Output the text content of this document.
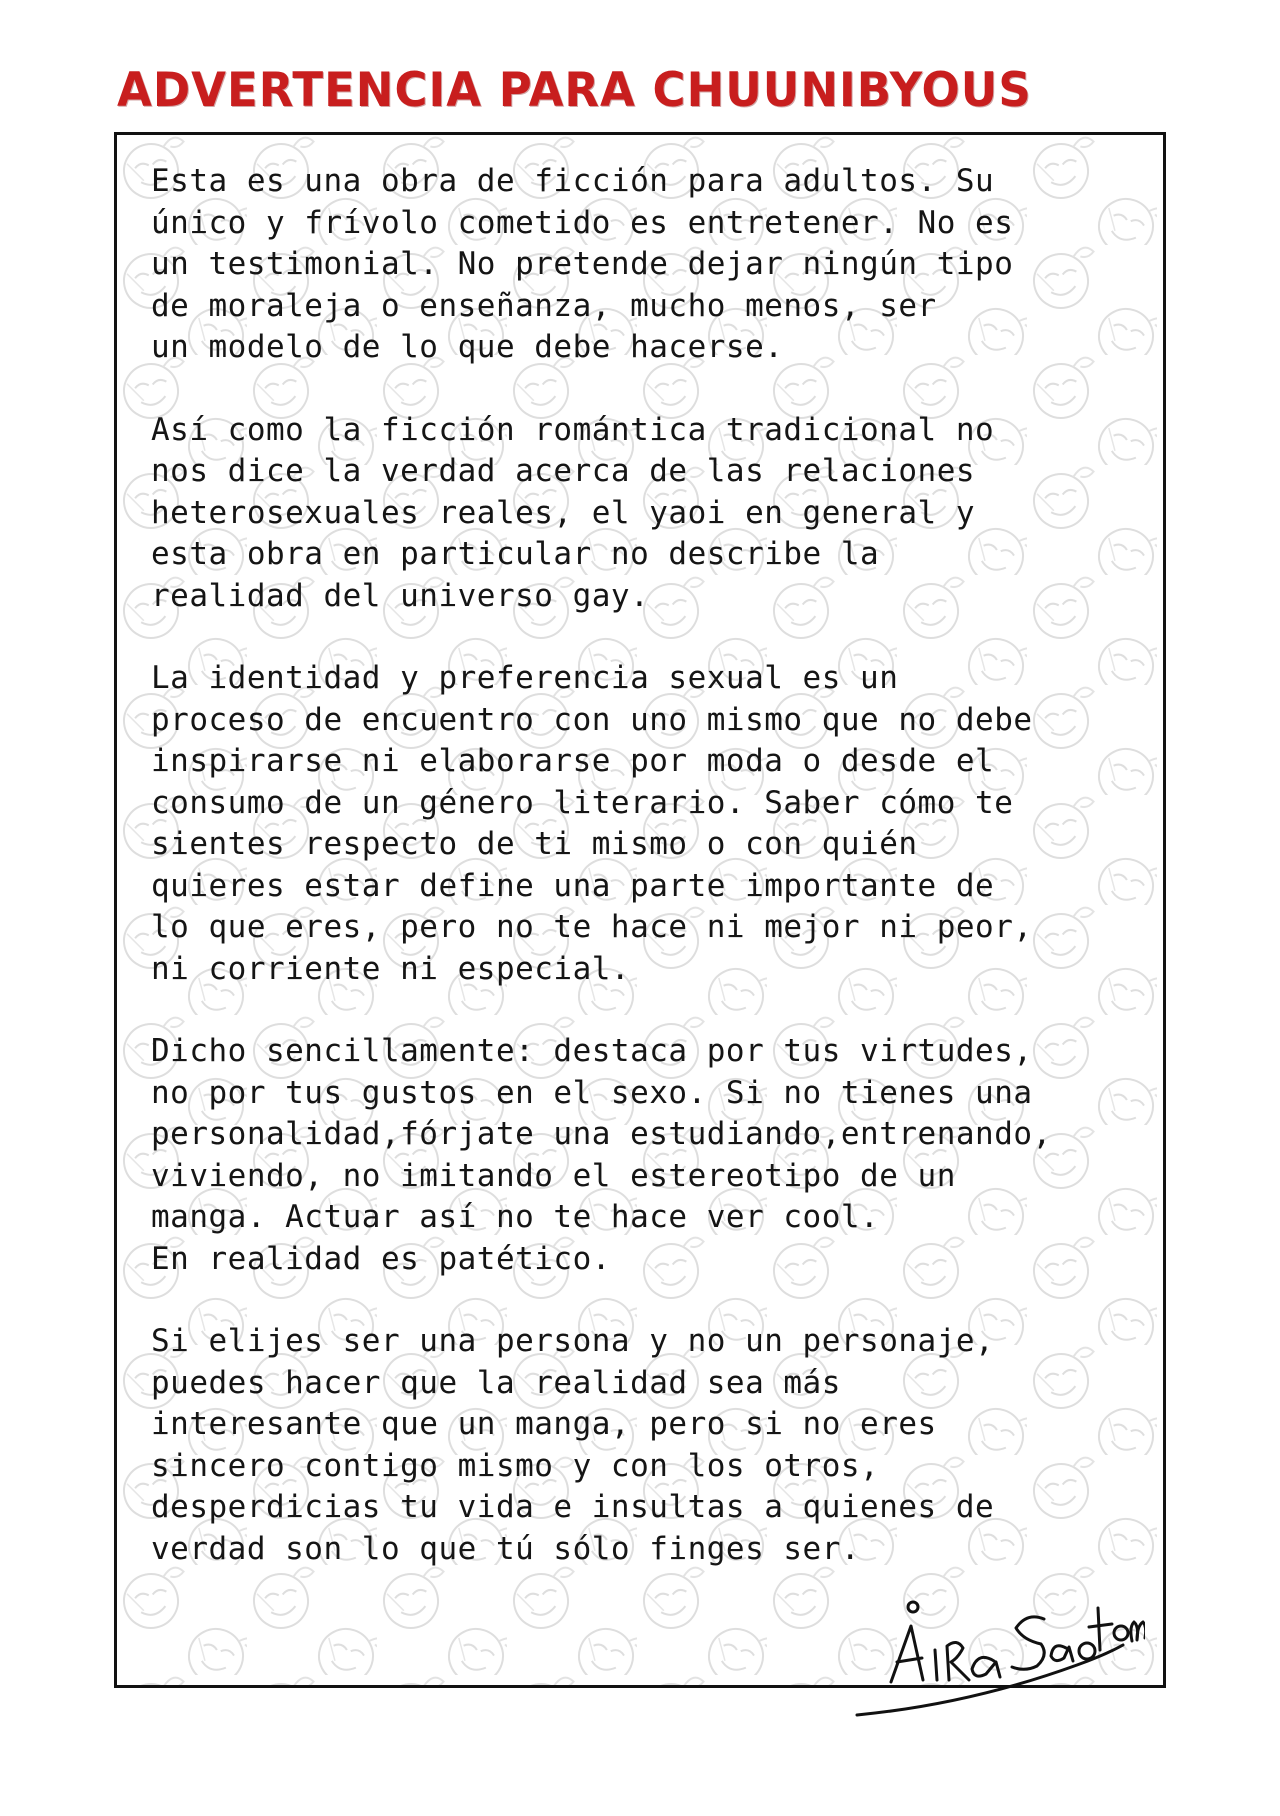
ADVERTENCIA PARA CHUUNIBYOUS
Esta es una obra de ficción para adultos. Su
único y frívolo cometido es entretener. No es
un testimonial. No pretende dejar ningún tipo
de moraleja o enseñanza, mucho menos, ser
un modelo de lo que debe hacerse.
Así como la ficción romántica tradicional no
nos dice la verdad acerca de las relaciones
heterosexuales reales, el yaoi en general y
esta obra en particular no describe la
realidad del universo gay.
La identidad y preferencia sexual es un
proceso de encuentro con uno mismo que no debe
inspirarse ni elaborarse por moda o desde el
consumo de un género literario. Saber cómo te
sientes respecto de ti mismo o con quién
quieres estar define una parte importante de
lo que eres, pero no te hace ni mejor ni peor,
ni corriente ni especial.
Dicho sencillamente: destaca por tus virtudes,
no por tus gustos en el sexo. Si no tienes una
personalidad,fórjate una estudiando,entrenando,
viviendo, no imitando el estereotipo de un
manga. Actuar así no te hace ver cool.
En realidad es patético.
Si elijes ser una persona y no un personaje,
puedes hacer que la realidad sea más
interesante que un manga, pero si no eres
sincero contigo mismo y con los otros,
desperdicias tu vida e insultas a quienes de
verdad son lo que tú sólo finges ser.
